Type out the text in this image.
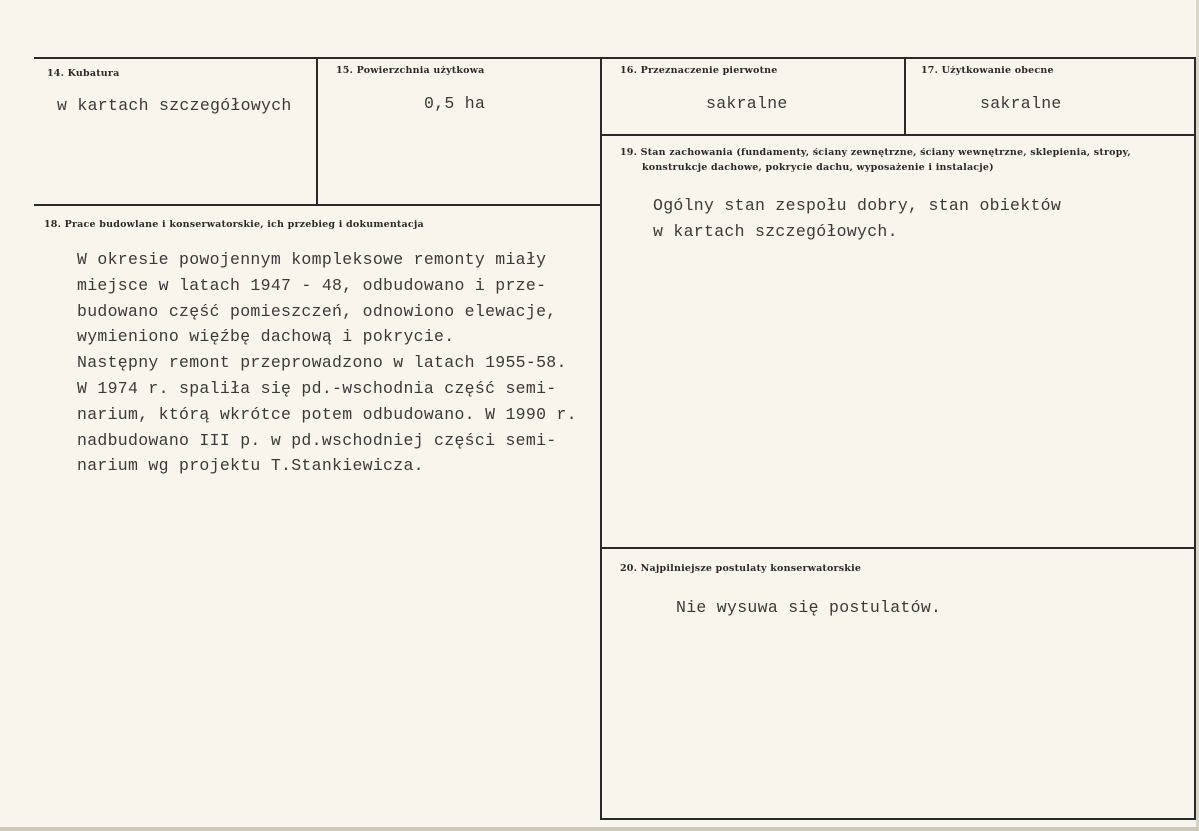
14. Kubatura
w kartach szczegółowych
15. Powierzchnia użytkowa
0,5 ha
16. Przeznaczenie pierwotne
sakralne
17. Użytkowanie obecne
sakralne
19. Stan zachowania (fundamenty, ściany zewnętrzne, ściany wewnętrzne, sklepienia, stropy,
konstrukcje dachowe, pokrycie dachu, wyposażenie i instalacje)
Ogólny stan zespołu dobry, stan obiektów
w kartach szczegółowych.
18. Prace budowlane i konserwatorskie, ich przebieg i dokumentacja
W okresie powojennym kompleksowe remonty miały
miejsce w latach 1947 - 48, odbudowano i prze-
budowano część pomieszczeń, odnowiono elewacje,
wymieniono więźbę dachową i pokrycie.
Następny remont przeprowadzono w latach 1955-58.
W 1974 r. spaliła się pd.-wschodnia część semi-
narium, którą wkrótce potem odbudowano. W 1990 r.
nadbudowano III p. w pd.wschodniej części semi-
narium wg projektu T.Stankiewicza.
20. Najpilniejsze postulaty konserwatorskie
Nie wysuwa się postulatów.
